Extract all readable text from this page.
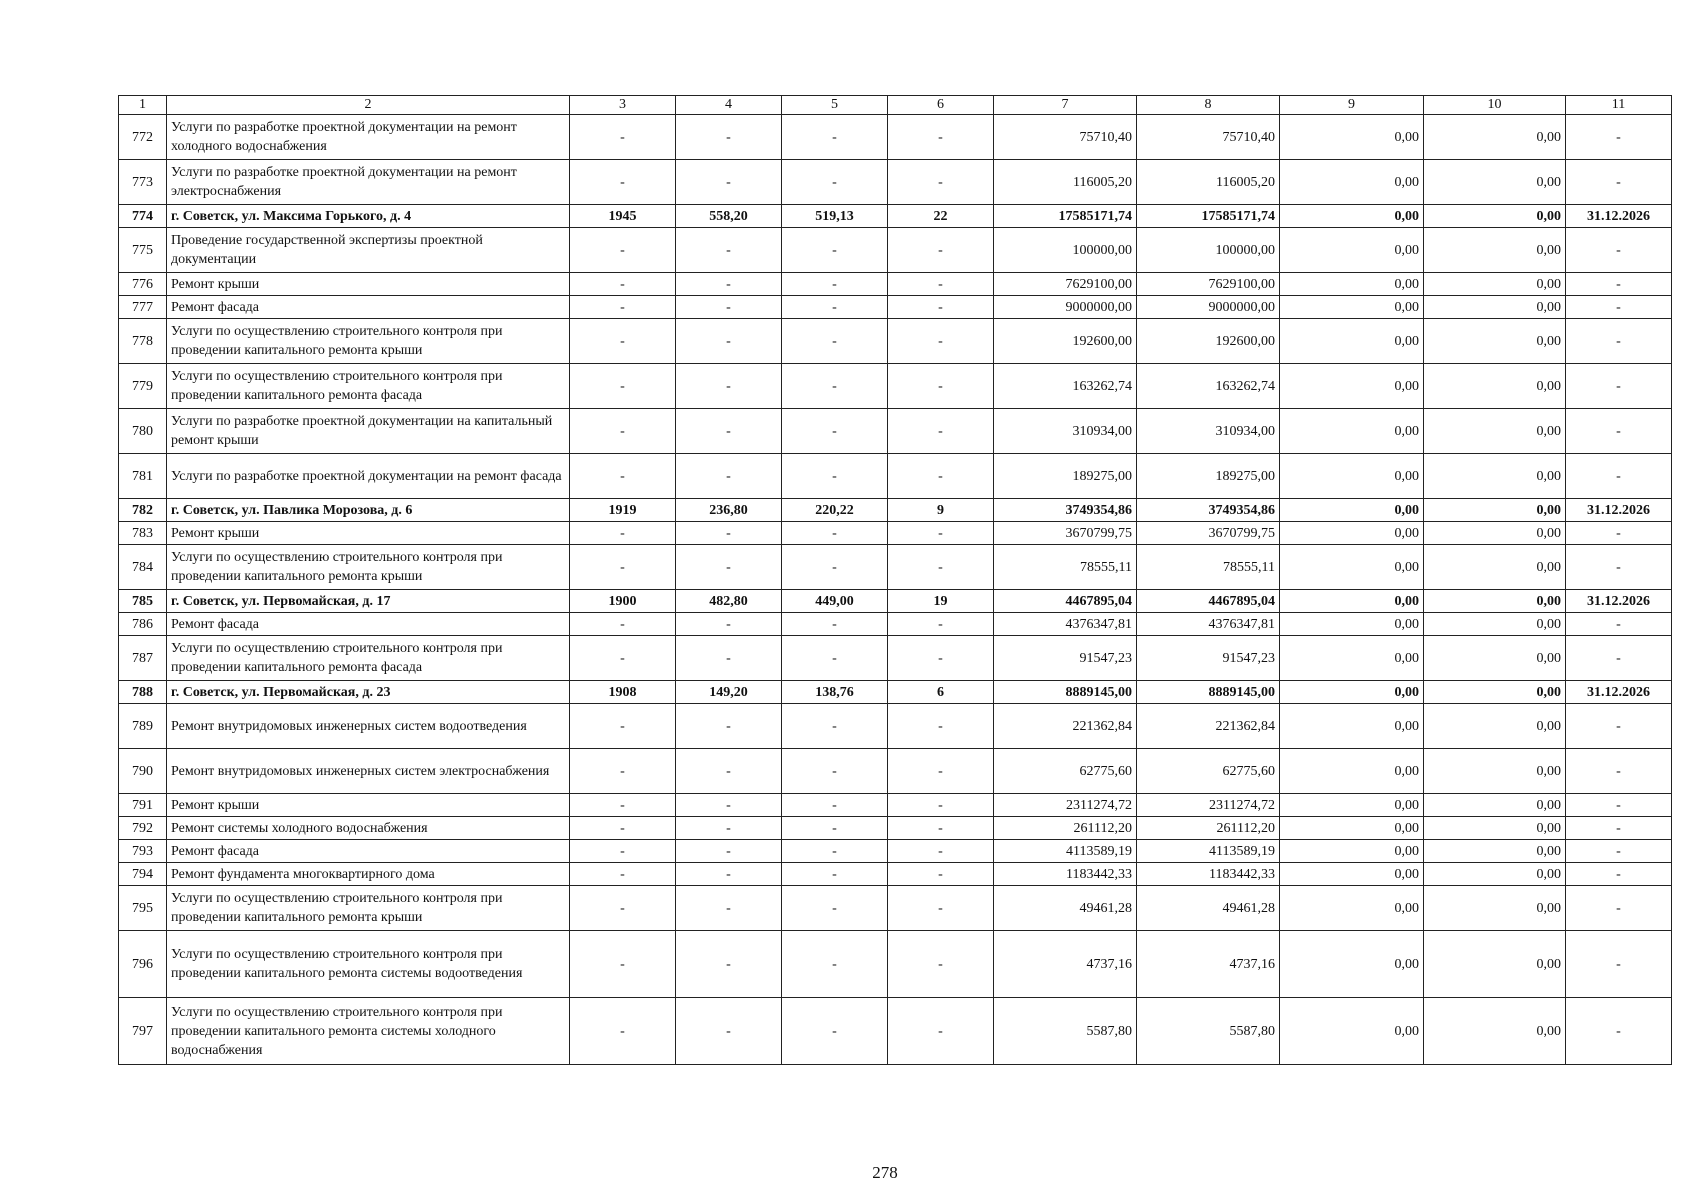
1	2	3	4	5	6	7	8	9	10	11
772	Услуги по разработке проектной документации на ремонт холодного водоснабжения	-	-	-	-	75710,40	75710,40	0,00	0,00	-
773	Услуги по разработке проектной документации на ремонт электроснабжения	-	-	-	-	116005,20	116005,20	0,00	0,00	-
774	г. Советск, ул. Максима Горького, д. 4	1945	558,20	519,13	22	17585171,74	17585171,74	0,00	0,00	31.12.2026
775	Проведение государственной экспертизы проектной документации	-	-	-	-	100000,00	100000,00	0,00	0,00	-
776	Ремонт крыши	-	-	-	-	7629100,00	7629100,00	0,00	0,00	-
777	Ремонт фасада	-	-	-	-	9000000,00	9000000,00	0,00	0,00	-
778	Услуги по осуществлению строительного контроля при проведении капитального ремонта крыши	-	-	-	-	192600,00	192600,00	0,00	0,00	-
779	Услуги по осуществлению строительного контроля при проведении капитального ремонта фасада	-	-	-	-	163262,74	163262,74	0,00	0,00	-
780	Услуги по разработке проектной документации на капитальный ремонт крыши	-	-	-	-	310934,00	310934,00	0,00	0,00	-
781	Услуги по разработке проектной документации на ремонт фасада	-	-	-	-	189275,00	189275,00	0,00	0,00	-
782	г. Советск, ул. Павлика Морозова, д. 6	1919	236,80	220,22	9	3749354,86	3749354,86	0,00	0,00	31.12.2026
783	Ремонт крыши	-	-	-	-	3670799,75	3670799,75	0,00	0,00	-
784	Услуги по осуществлению строительного контроля при проведении капитального ремонта крыши	-	-	-	-	78555,11	78555,11	0,00	0,00	-
785	г. Советск, ул. Первомайская, д. 17	1900	482,80	449,00	19	4467895,04	4467895,04	0,00	0,00	31.12.2026
786	Ремонт фасада	-	-	-	-	4376347,81	4376347,81	0,00	0,00	-
787	Услуги по осуществлению строительного контроля при проведении капитального ремонта фасада	-	-	-	-	91547,23	91547,23	0,00	0,00	-
788	г. Советск, ул. Первомайская, д. 23	1908	149,20	138,76	6	8889145,00	8889145,00	0,00	0,00	31.12.2026
789	Ремонт внутридомовых инженерных систем водоотведения	-	-	-	-	221362,84	221362,84	0,00	0,00	-
790	Ремонт внутридомовых инженерных систем электроснабжения	-	-	-	-	62775,60	62775,60	0,00	0,00	-
791	Ремонт крыши	-	-	-	-	2311274,72	2311274,72	0,00	0,00	-
792	Ремонт системы холодного водоснабжения	-	-	-	-	261112,20	261112,20	0,00	0,00	-
793	Ремонт фасада	-	-	-	-	4113589,19	4113589,19	0,00	0,00	-
794	Ремонт фундамента многоквартирного дома	-	-	-	-	1183442,33	1183442,33	0,00	0,00	-
795	Услуги по осуществлению строительного контроля при проведении капитального ремонта крыши	-	-	-	-	49461,28	49461,28	0,00	0,00	-
796	Услуги по осуществлению строительного контроля при проведении капитального ремонта системы водоотведения	-	-	-	-	4737,16	4737,16	0,00	0,00	-
797	Услуги по осуществлению строительного контроля при проведении капитального ремонта системы холодного водоснабжения	-	-	-	-	5587,80	5587,80	0,00	0,00	-
278
